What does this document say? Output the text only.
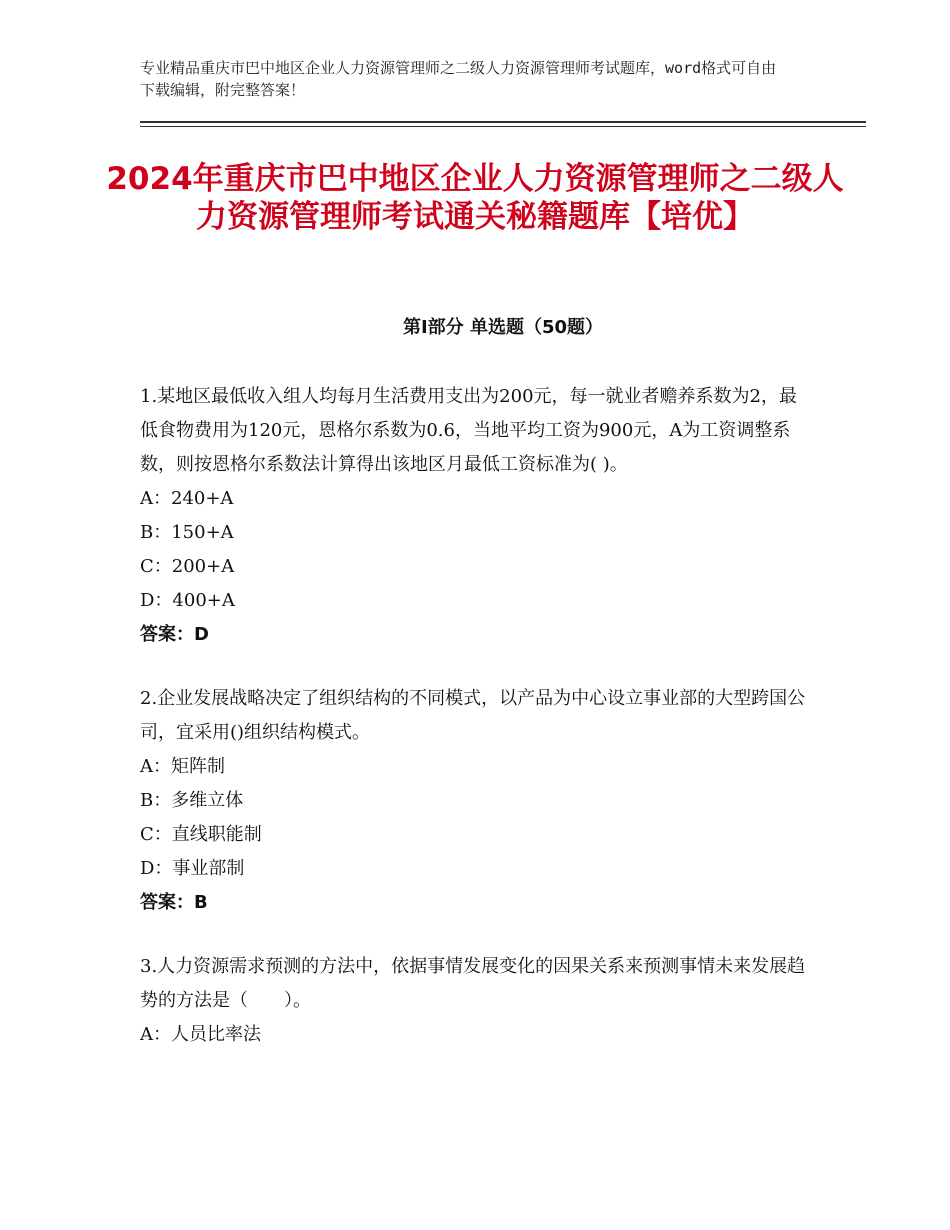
专业精品重庆市巴中地区企业人力资源管理师之二级人力资源管理师考试题库，word格式可自由下载编辑，附完整答案！
2024年重庆市巴中地区企业人力资源管理师之二级人力资源管理师考试通关秘籍题库【培优】
第Ⅰ部分 单选题（50题）

1.某地区最低收入组人均每月生活费用支出为200元，每一就业者赡养系数为2，最低食物费用为120元，恩格尔系数为0.6，当地平均工资为900元，A为工资调整系数，则按恩格尔系数法计算得出该地区月最低工资标准为( )。

A：240+A

B：150+A

C：200+A

D：400+A

答案：D

2.企业发展战略决定了组织结构的不同模式，以产品为中心设立事业部的大型跨国公司，宜采用()组织结构模式。

A：矩阵制

B：多维立体

C：直线职能制

D：事业部制

答案：B

3.人力资源需求预测的方法中，依据事情发展变化的因果关系来预测事情未来发展趋势的方法是（　　）。

A：人员比率法
